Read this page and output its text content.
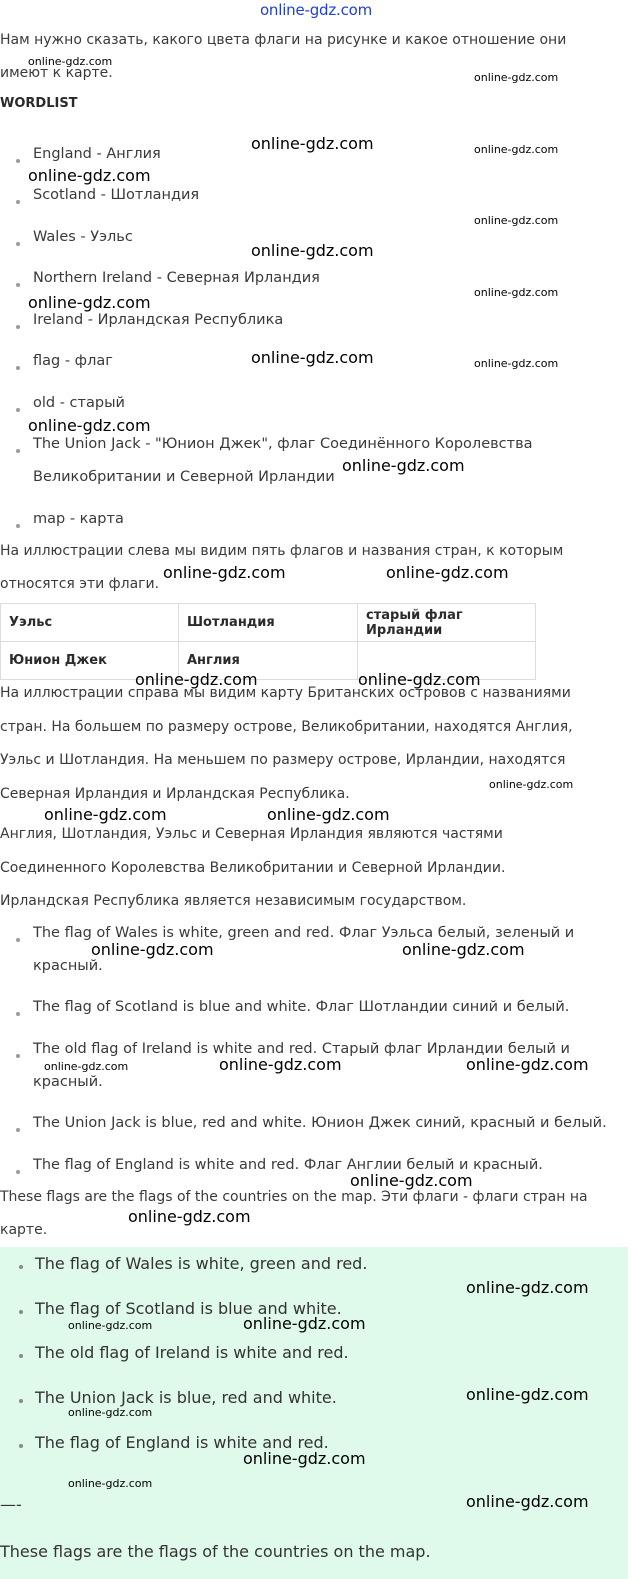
online-gdz.com

Нам нужно сказать, какого цвета флаги на рисунке и какое отношение они

имеют к карте.

WORDLIST

England - Англия

Scotland - Шотландия

Wales - Уэльс

Northern Ireland - Северная Ирландия

Ireland - Ирландская Республика

flag - флаг

old - старый

The Union Jack - "Юнион Джек", флаг Соединённого Королевства

Великобритании и Северной Ирландии

map - карта

На иллюстрации слева мы видим пять флагов и названия стран, к которым

относятся эти флаги.

Уэльс	Шотландия	старый флаг Ирландии
Юнион Джек	Англия	

На иллюстрации справа мы видим карту Британских островов с названиями

стран. На большем по размеру острове, Великобритании, находятся Англия,

Уэльс и Шотландия. На меньшем по размеру острове, Ирландии, находятся

Северная Ирландия и Ирландская Республика.

Англия, Шотландия, Уэльс и Северная Ирландия являются частями

Соединенного Королевства Великобритании и Северной Ирландии.

Ирландская Республика является независимым государством.

The flag of Wales is white, green and red. Флаг Уэльса белый, зеленый и

красный.

The flag of Scotland is blue and white. Флаг Шотландии синий и белый.

The old flag of Ireland is white and red. Старый флаг Ирландии белый и

красный.

The Union Jack is blue, red and white. Юнион Джек синий, красный и белый.

The flag of England is white and red. Флаг Англии белый и красный.

These flags are the flags of the countries on the map. Эти флаги - флаги стран на

карте.

The flag of Wales is white, green and red.

The flag of Scotland is blue and white.

The old flag of Ireland is white and red.

The Union Jack is blue, red and white.

The flag of England is white and red.

—-

These flags are the flags of the countries on the map.

online-gdz.com
online-gdz.com
online-gdz.com	online-gdz.com
online-gdz.com
online-gdz.com
online-gdz.com
online-gdz.com
online-gdz.com
online-gdz.com	online-gdz.com
online-gdz.com
online-gdz.com
online-gdz.com	online-gdz.com
online-gdz.com	online-gdz.com
online-gdz.com
online-gdz.com	online-gdz.com
online-gdz.com	online-gdz.com
online-gdz.com	online-gdz.com	online-gdz.com
online-gdz.com
online-gdz.com
online-gdz.com
online-gdz.com	online-gdz.com
online-gdz.com
online-gdz.com
online-gdz.com
online-gdz.com
online-gdz.com
